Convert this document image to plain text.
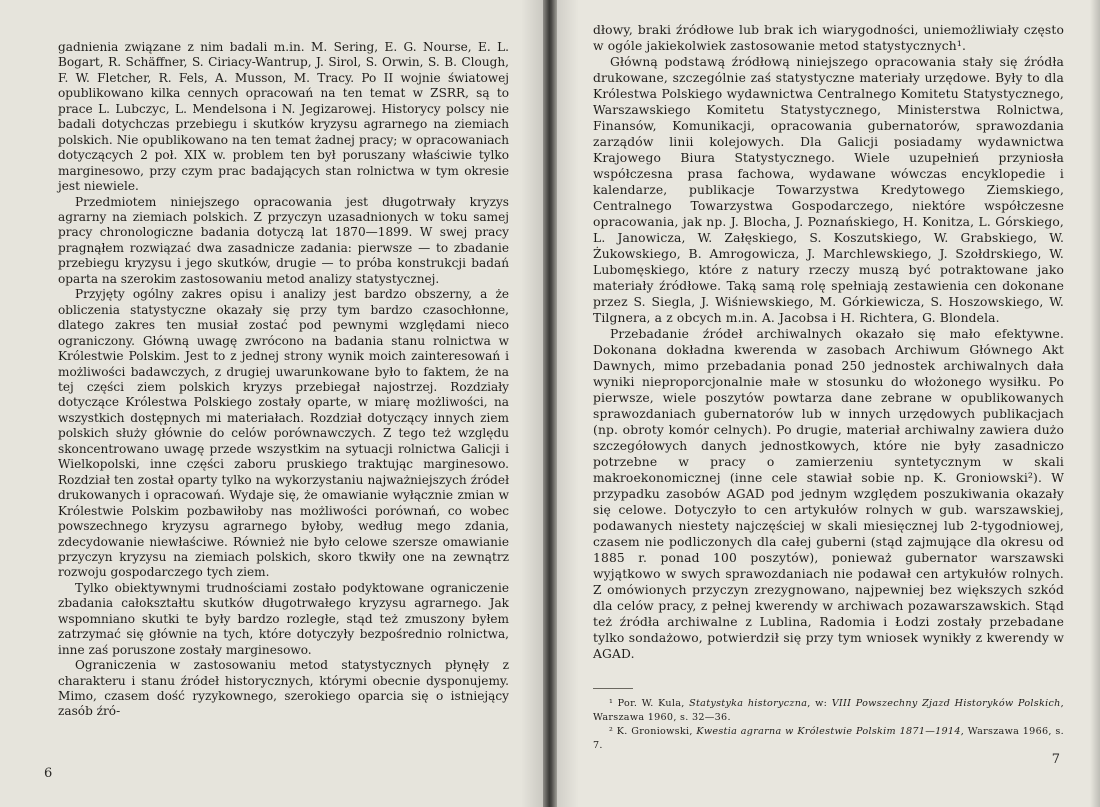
gadnienia związane z nim badali m.in. M. Sering, E. G. Nourse, E. L. Bogart, R. Schäffner, S. Ciriacy-Wantrup, J. Sirol, S. Orwin, S. B. Clough, F. W. Fletcher, R. Fels, A. Musson, M. Tracy. Po II wojnie światowej opublikowano kilka cennych opracowań na ten temat w ZSRR, są to prace L. Lubczyc, L. Mendelsona i N. Jegizarowej. Historycy polscy nie badali dotychczas przebiegu i skutków kryzysu agrarnego na ziemiach polskich. Nie opublikowano na ten temat żadnej pracy; w opracowaniach dotyczących 2 poł. XIX w. problem ten był poruszany właściwie tylko marginesowo, przy czym prac badających stan rolnictwa w tym okresie jest niewiele.

Przedmiotem niniejszego opracowania jest długotrwały kryzys agrarny na ziemiach polskich. Z przyczyn uzasadnionych w toku samej pracy chronologiczne badania dotyczą lat 1870—1899. W swej pracy pragnąłem rozwiązać dwa zasadnicze zadania: pierwsze — to zbadanie przebiegu kryzysu i jego skutków, drugie — to próba konstrukcji badań oparta na szerokim zastosowaniu metod analizy statystycznej.

Przyjęty ogólny zakres opisu i analizy jest bardzo obszerny, a że obliczenia statystyczne okazały się przy tym bardzo czasochłonne, dlatego zakres ten musiał zostać pod pewnymi względami nieco ograniczony. Główną uwagę zwrócono na badania stanu rolnictwa w Królestwie Polskim. Jest to z jednej strony wynik moich zainteresowań i możliwości badawczych, z drugiej uwarunkowane było to faktem, że na tej części ziem polskich kryzys przebiegał najostrzej. Rozdziały dotyczące Królestwa Polskiego zostały oparte, w miarę możliwości, na wszystkich dostępnych mi materiałach. Rozdział dotyczący innych ziem polskich służy głównie do celów porównawczych. Z tego też względu skoncentrowano uwagę przede wszystkim na sytuacji rolnictwa Galicji i Wielkopolski, inne części zaboru pruskiego traktując marginesowo. Rozdział ten został oparty tylko na wykorzystaniu najważniejszych źródeł drukowanych i opracowań. Wydaje się, że omawianie wyłącznie zmian w Królestwie Polskim pozbawiłoby nas możliwości porównań, co wobec powszechnego kryzysu agrarnego byłoby, według mego zdania, zdecydowanie niewłaściwe. Również nie było celowe szersze omawianie przyczyn kryzysu na ziemiach polskich, skoro tkwiły one na zewnątrz rozwoju gospodarczego tych ziem.

Tylko obiektywnymi trudnościami zostało podyktowane ograniczenie zbadania całokształtu skutków długotrwałego kryzysu agrarnego. Jak wspomniano skutki te były bardzo rozległe, stąd też zmuszony byłem zatrzymać się głównie na tych, które dotyczyły bezpośrednio rolnictwa, inne zaś poruszone zostały marginesowo.

Ograniczenia w zastosowaniu metod statystycznych płynęły z charakteru i stanu źródeł historycznych, którymi obecnie dysponujemy. Mimo, czasem dość ryzykownego, szerokiego oparcia się o istniejący zasób źró-

6

dłowy, braki źródłowe lub brak ich wiarygodności, uniemożliwiały często w ogóle jakiekolwiek zastosowanie metod statystycznych¹.

Główną podstawą źródłową niniejszego opracowania stały się źródła drukowane, szczególnie zaś statystyczne materiały urzędowe. Były to dla Królestwa Polskiego wydawnictwa Centralnego Komitetu Statystycznego, Warszawskiego Komitetu Statystycznego, Ministerstwa Rolnictwa, Finansów, Komunikacji, opracowania gubernatorów, sprawozdania zarządów linii kolejowych. Dla Galicji posiadamy wydawnictwa Krajowego Biura Statystycznego. Wiele uzupełnień przyniosła współczesna prasa fachowa, wydawane wówczas encyklopedie i kalendarze, publikacje Towarzystwa Kredytowego Ziemskiego, Centralnego Towarzystwa Gospodarczego, niektóre współczesne opracowania, jak np. J. Blocha, J. Poznańskiego, H. Konitza, L. Górskiego, L. Janowicza, W. Załęskiego, S. Koszutskiego, W. Grabskiego, W. Żukowskiego, B. Amrogowicza, J. Marchlewskiego, J. Szołdrskiego, W. Lubomęskiego, które z natury rzeczy muszą być potraktowane jako materiały źródłowe. Taką samą rolę spełniają zestawienia cen dokonane przez S. Siegla, J. Wiśniewskiego, M. Górkiewicza, S. Hoszowskiego, W. Tilgnera, a z obcych m.in. A. Jacobsa i H. Richtera, G. Blondela.

Przebadanie źródeł archiwalnych okazało się mało efektywne. Dokonana dokładna kwerenda w zasobach Archiwum Głównego Akt Dawnych, mimo przebadania ponad 250 jednostek archiwalnych dała wyniki nieproporcjonalnie małe w stosunku do włożonego wysiłku. Po pierwsze, wiele poszytów powtarza dane zebrane w opublikowanych sprawozdaniach gubernatorów lub w innych urzędowych publikacjach (np. obroty komór celnych). Po drugie, materiał archiwalny zawiera dużo szczegółowych danych jednostkowych, które nie były zasadniczo potrzebne w pracy o zamierzeniu syntetycznym w skali makroekonomicznej (inne cele stawiał sobie np. K. Groniowski²). W przypadku zasobów AGAD pod jednym względem poszukiwania okazały się celowe. Dotyczyło to cen artykułów rolnych w gub. warszawskiej, podawanych niestety najczęściej w skali miesięcznej lub 2-tygodniowej, czasem nie podliczonych dla całej guberni (stąd zajmujące dla okresu od 1885 r. ponad 100 poszytów), ponieważ gubernator warszawski wyjątkowo w swych sprawozdaniach nie podawał cen artykułów rolnych. Z omówionych przyczyn zrezygnowano, najpewniej bez większych szkód dla celów pracy, z pełnej kwerendy w archiwach pozawarszawskich. Stąd też źródła archiwalne z Lublina, Radomia i Łodzi zostały przebadane tylko sondażowo, potwierdził się przy tym wniosek wynikły z kwerendy w AGAD.

¹ Por. W. Kula, Statystyka historyczna, w: VIII Powszechny Zjazd Historyków Polskich, Warszawa 1960, s. 32—36.

² K. Groniowski, Kwestia agrarna w Królestwie Polskim 1871—1914, Warszawa 1966, s. 7.

7
